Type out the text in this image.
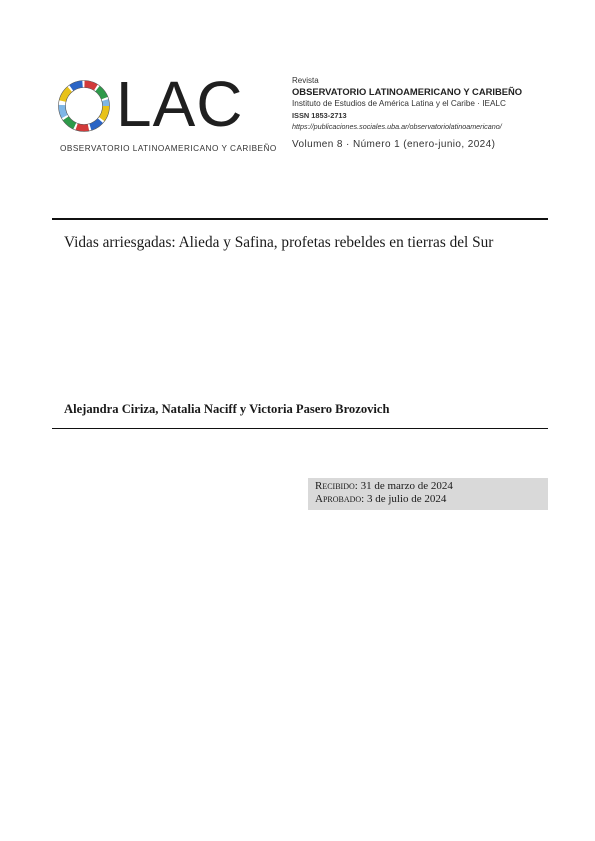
LAC
OBSERVATORIO LATINOAMERICANO Y CARIBEÑO
Revista
OBSERVATORIO LATINOAMERICANO Y CARIBEÑO
Instituto de Estudios de América Latina y el Caribe · IEALC
ISSN 1853-2713
https://publicaciones.sociales.uba.ar/observatoriolatinoamericano/
Volumen 8 · Número 1 (enero-junio, 2024)
Vidas arriesgadas: Alieda y Safina, profetas rebeldes en tierras del Sur
Alejandra Ciriza, Natalia Naciff y Victoria Pasero Brozovich
Recibido: 31 de marzo de 2024
Aprobado: 3 de julio de 2024
